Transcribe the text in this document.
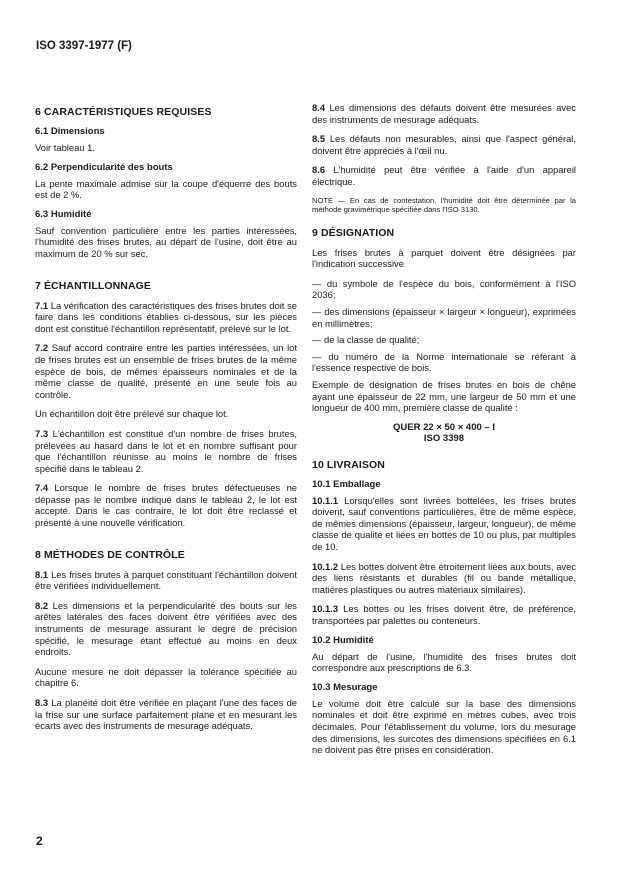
ISO 3397-1977 (F)
6 CARACTÉRISTIQUES REQUISES
6.1 Dimensions

Voir tableau 1.

6.2 Perpendicularité des bouts

La pente maximale admise sur la coupe d'équerre des bouts est de 2 %.

6.3 Humidité

Sauf convention particulière entre les parties intéressées, l'humidité des frises brutes, au départ de l'usine, doit être au maximum de 20 % sur sec.

7 ÉCHANTILLONNAGE

7.1 La vérification des caractéristiques des frises brutes doit se faire dans les conditions établies ci-dessous, sur les pièces dont est constitué l'échantillon représentatif, prélevé sur le lot.

7.2 Sauf accord contraire entre les parties intéressées, un lot de frises brutes est un ensemble de frises brutes de la même espèce de bois, de mêmes épaisseurs nominales et de la même classe de qualité, présenté en une seule fois au contrôle.

Un échantillon doit être prélevé sur chaque lot.

7.3 L'échantillon est constitué d'un nombre de frises brutes, prélevées au hasard dans le lot et en nombre suffisant pour que l'échantillon réunisse au moins le nombre de frises spécifié dans le tableau 2.

7.4 Lorsque le nombre de frises brutes défectueuses ne dépasse pas le nombre indiqué dans le tableau 2, le lot est accepté. Dans le cas contraire, le lot doit être reclassé et présenté à une nouvelle vérification.

8 MÉTHODES DE CONTRÔLE

8.1 Les frises brutes à parquet constituant l'échantillon doivent être vérifiées individuellement.

8.2 Les dimensions et la perpendicularité des bouts sur les arêtes latérales des faces doivent être vérifiées avec des instruments de mesurage assurant le degré de précision spécifié, le mesurage étant effectué au moins en deux endroits.

Aucune mesure ne doit dépasser la tolérance spécifiée au chapitre 6.

8.3 La planéité doit être vérifiée en plaçant l'une des faces de la frise sur une surface parfaitement plane et en mesurant les écarts avec des instruments de mesurage adéquats.

8.4 Les dimensions des défauts doivent être mesurées avec des instruments de mesurage adéquats.

8.5 Les défauts non mesurables, ainsi que l'aspect général, doivent être appréciés à l'œil nu.

8.6 L'humidité peut être vérifiée à l'aide d'un appareil électrique.

NOTE — En cas de contestation, l'humidité doit être déterminée par la méthode gravimétrique spécifiée dans l'ISO 3130.
9 DÉSIGNATION

Les frises brutes à parquet doivent être désignées par l'indication successive

— du symbole de l'espèce du bois, conformément à l'ISO 2036;

— des dimensions (épaisseur × largeur × longueur), exprimées en millimètres;

— de la classe de qualité;

— du numéro de la Norme internationale se référant à l'essence respective de bois.

Exemple de désignation de frises brutes en bois de chêne ayant une épaisseur de 22 mm, une largeur de 50 mm et une longueur de 400 mm, première classe de qualité :

QUER 22 × 50 × 400 – I
ISO 3398
10 LIVRAISON
10.1 Emballage

10.1.1 Lorsqu'elles sont livrées bottelées, les frises brutes doivent, sauf conventions particulières, être de même espèce, de mêmes dimensions (épaisseur, largeur, longueur), de même classe de qualité et liées en bottes de 10 ou plus, par multiples de 10.

10.1.2 Les bottes doivent être étroitement liées aux bouts, avec des liens résistants et durables (fil ou bande métallique, matières plastiques ou autres matériaux similaires).

10.1.3 Les bottes ou les frises doivent être, de préférence, transportées par palettes ou conteneurs.

10.2 Humidité

Au départ de l'usine, l'humidité des frises brutes doit correspondre aux prescriptions de 6.3.

10.3 Mesurage

Le volume doit être calculé sur la base des dimensions nominales et doit être exprimé en mètres cubes, avec trois décimales. Pour l'établissement du volume, lors du mesurage des dimensions, les surcotes des dimensions spécifiées en 6.1 ne doivent pas être prises en considération.

2
